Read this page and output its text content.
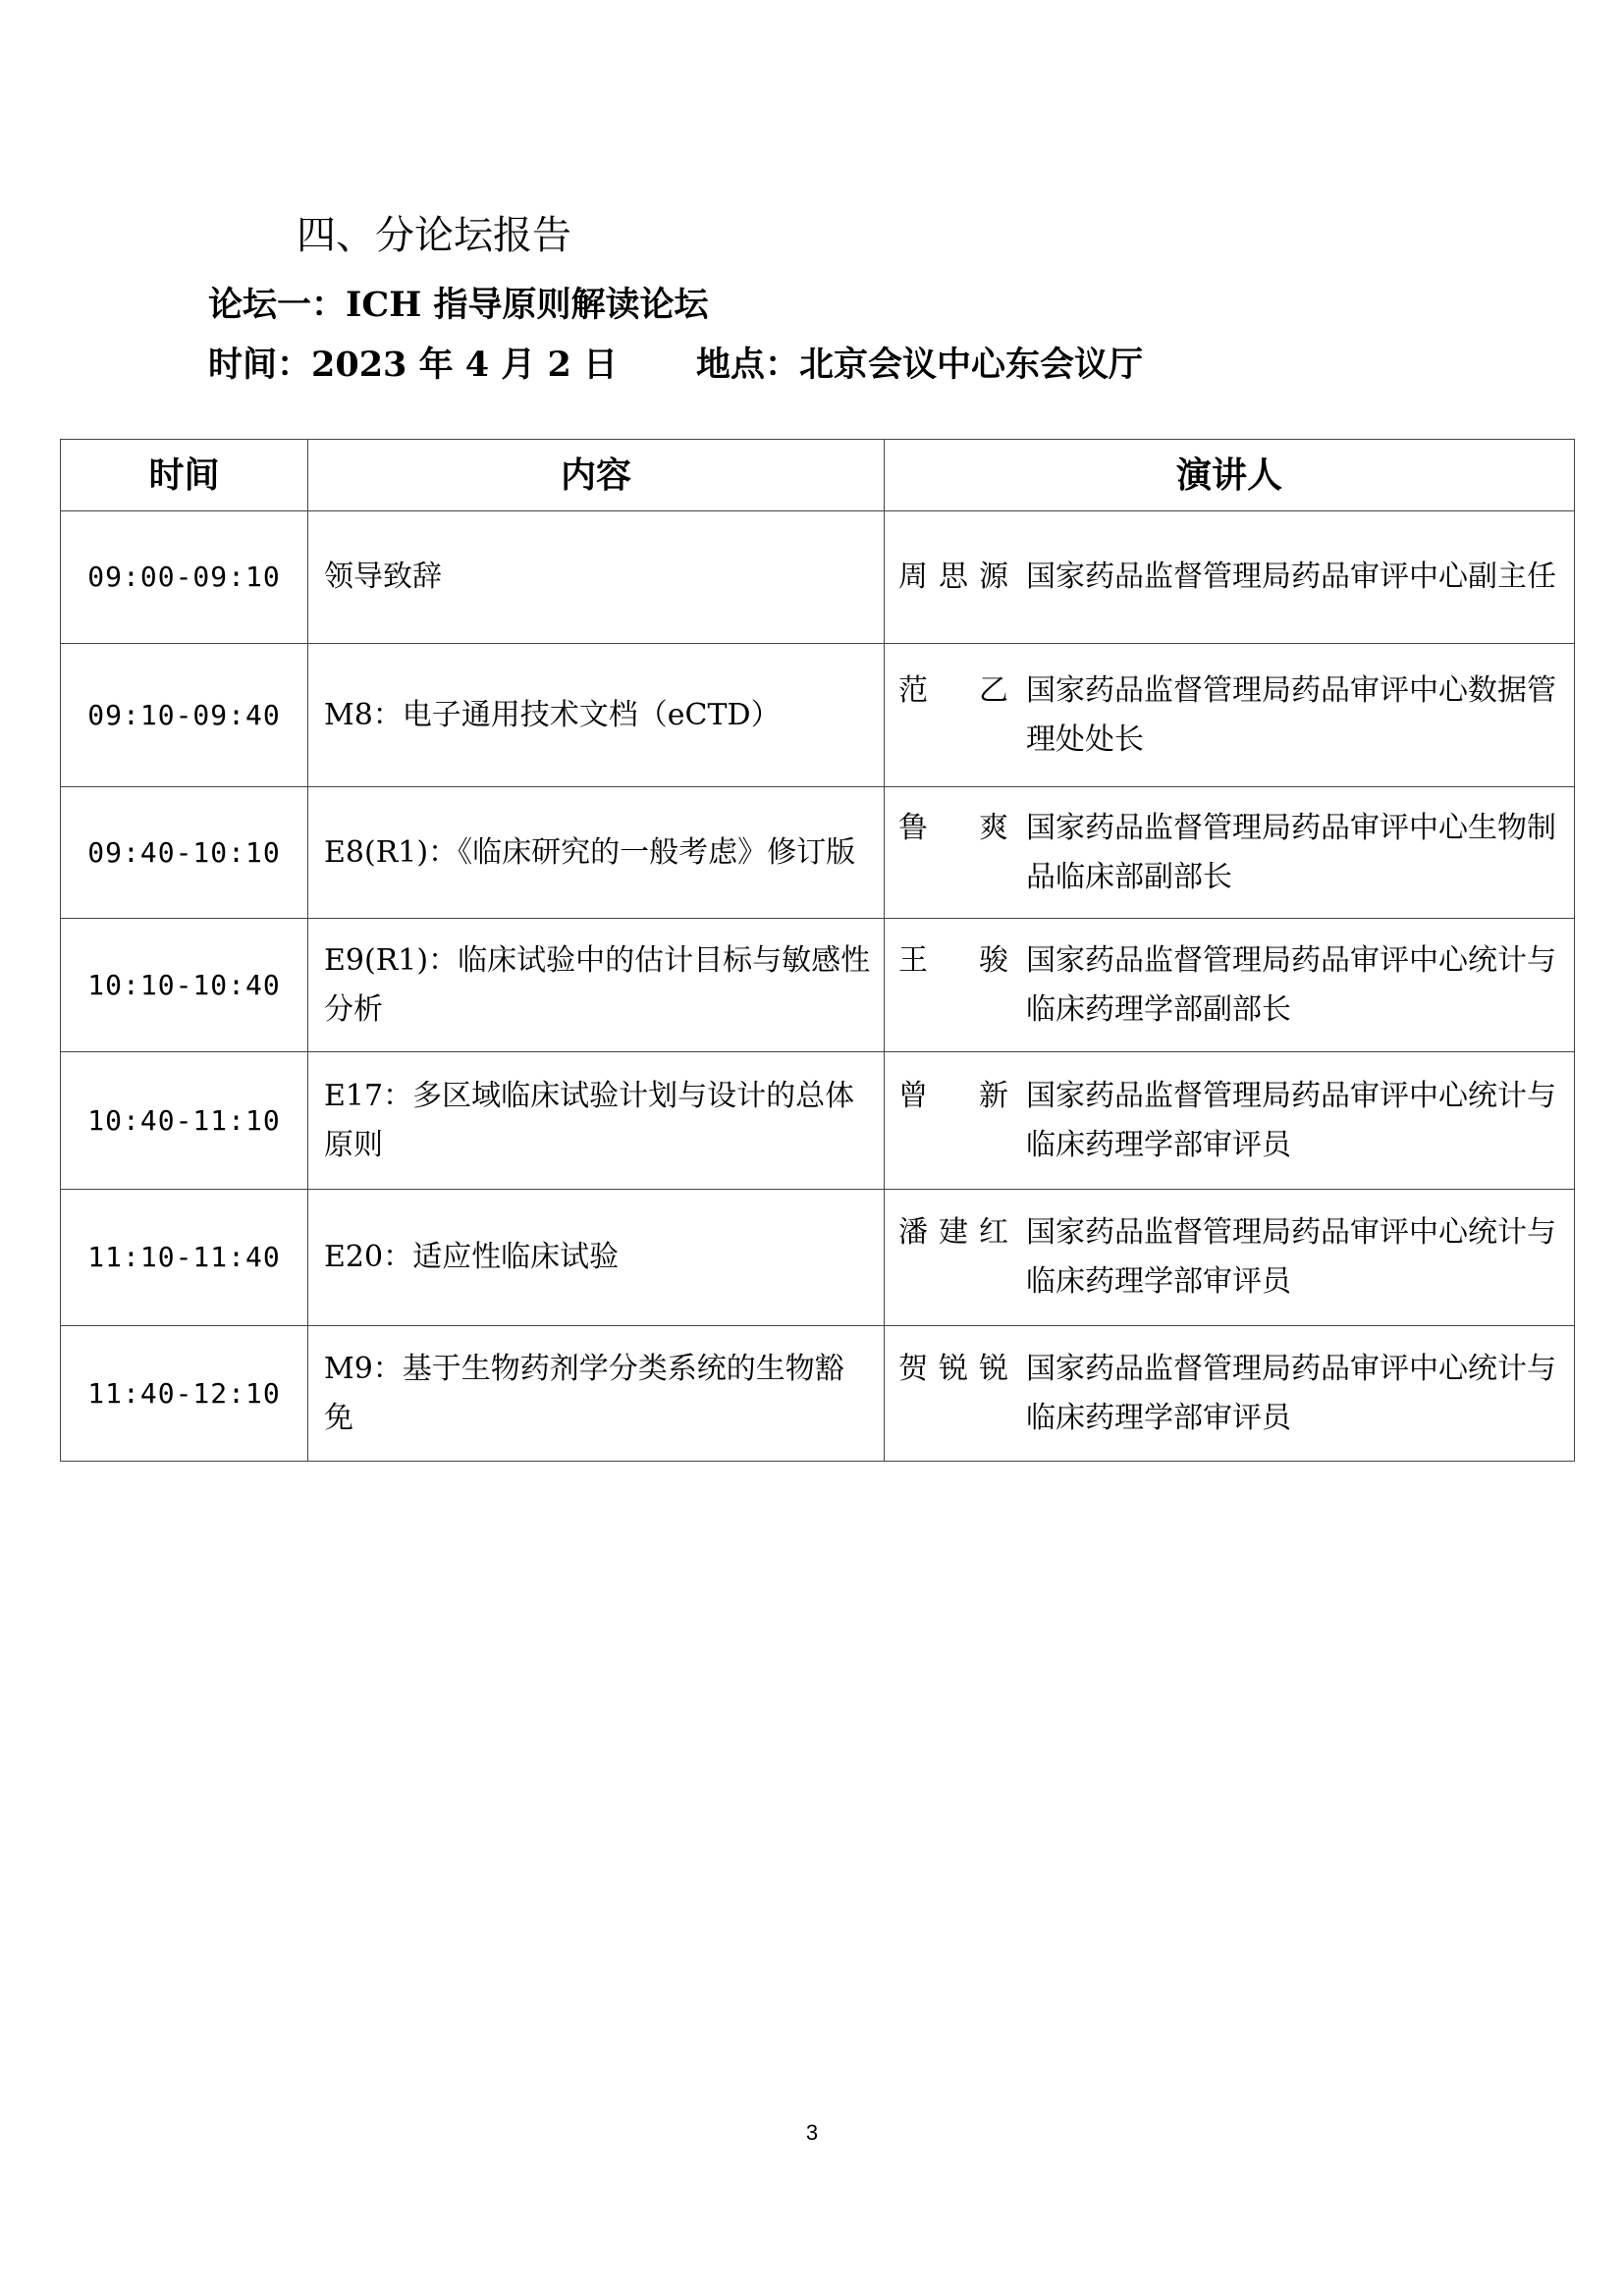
四、分论坛报告
论坛一：ICH 指导原则解读论坛
时间：2023 年 4 月 2 日 地点：北京会议中心东会议厅
时间	内容	演讲人
09:00-09:10	领导致辞	周思源 国家药品监督管理局药品审评中心副主任

09:10-09:40	M8：电子通用技术文档（eCTD）	范 乙 国家药品监督管理局药品审评中心数据管理处处长

09:40-10:10	E8(R1)：《临床研究的一般考虑》修订版	鲁 爽 国家药品监督管理局药品审评中心生物制品临床部副部长

10:10-10:40	E9(R1)：临床试验中的估计目标与敏感性分析	王 骏 国家药品监督管理局药品审评中心统计与临床药理学部副部长

10:40-11:10	E17：多区域临床试验计划与设计的总体原则	曾 新 国家药品监督管理局药品审评中心统计与临床药理学部审评员

11:10-11:40	E20：适应性临床试验	潘建红 国家药品监督管理局药品审评中心统计与临床药理学部审评员

11:40-12:10	M9：基于生物药剂学分类系统的生物豁免	贺锐锐 国家药品监督管理局药品审评中心统计与临床药理学部审评员
3
